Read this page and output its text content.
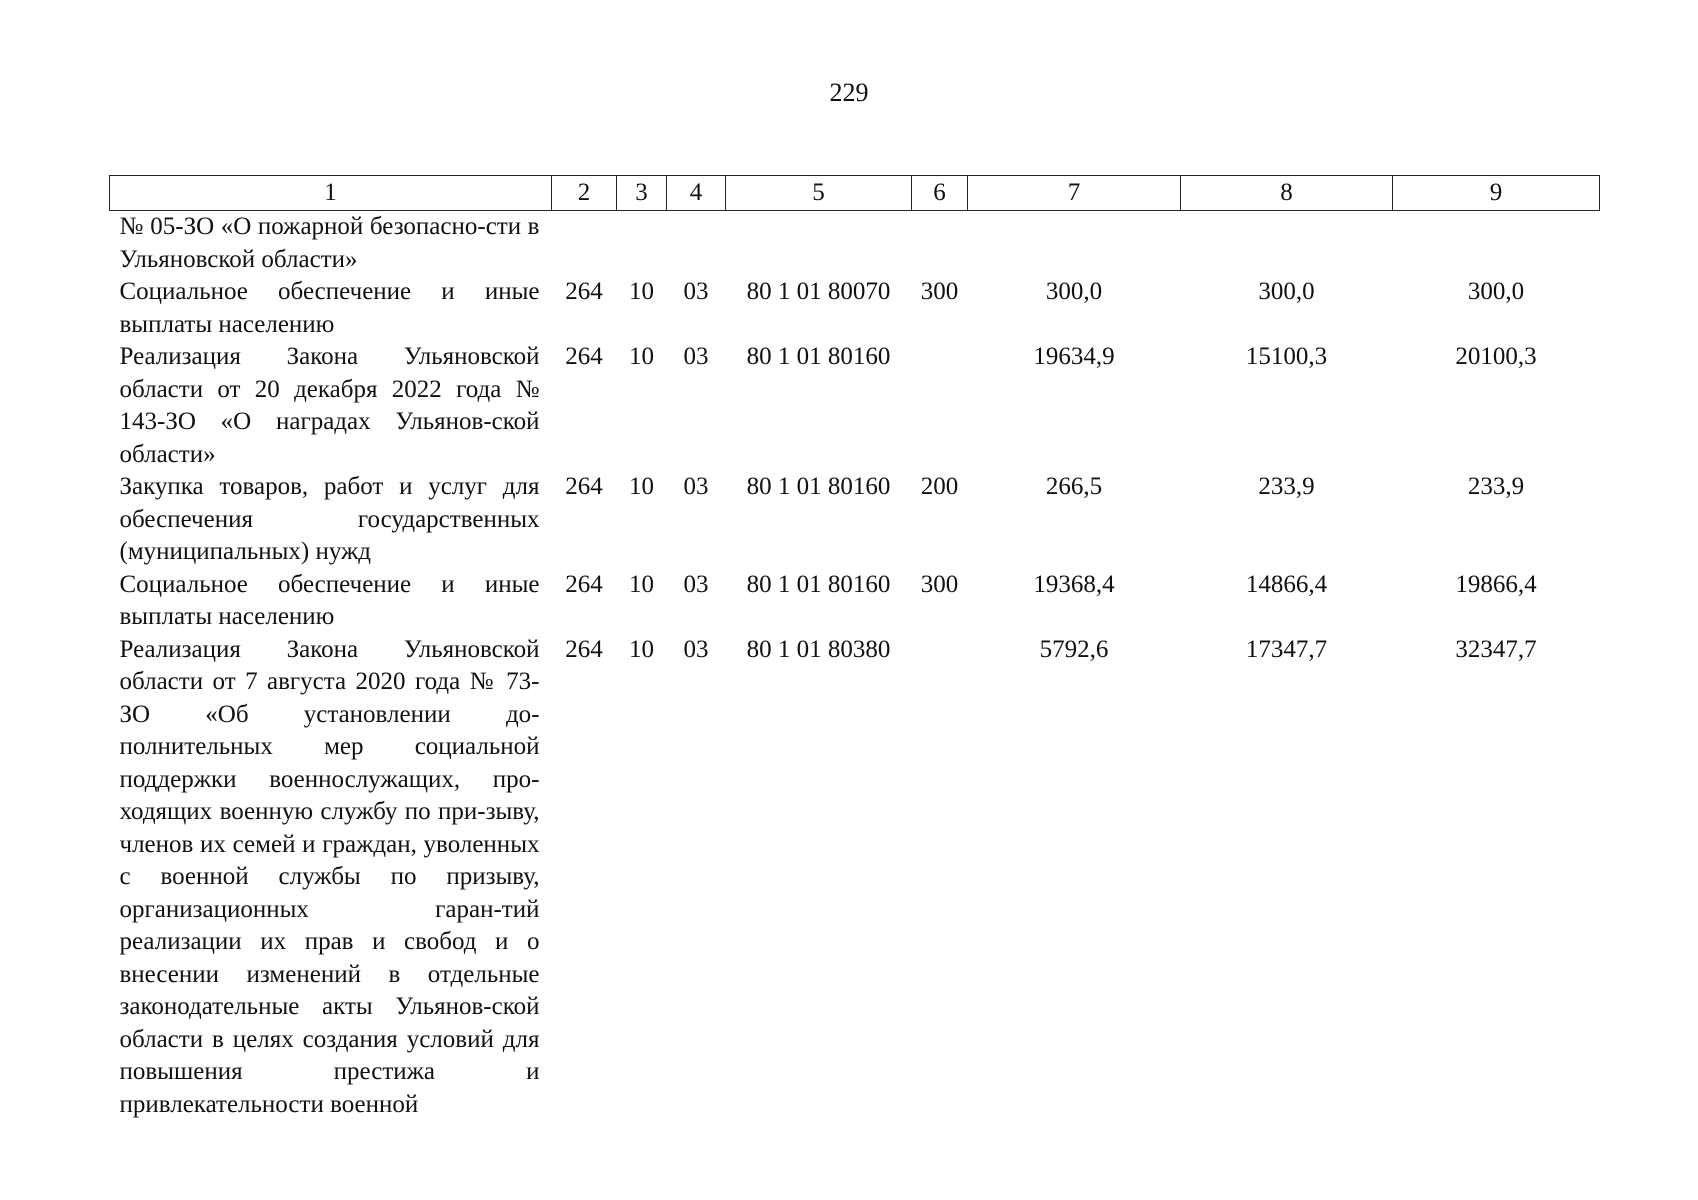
229
1	2	3	4	5	6	7	8	9
№ 05-ЗО «О пожарной безопасно-сти в Ульяновской области»								
Социальное обеспечение и иные выплаты населению	264	10	03	80 1 01 80070	300	300,0	300,0	300,0
Реализация Закона Ульяновской области от 20 декабря 2022 года № 143-ЗО «О наградах Ульянов-ской области»	264	10	03	80 1 01 80160		19634,9	15100,3	20100,3
Закупка товаров, работ и услуг для обеспечения государственных (муниципальных) нужд	264	10	03	80 1 01 80160	200	266,5	233,9	233,9
Социальное обеспечение и иные выплаты населению	264	10	03	80 1 01 80160	300	19368,4	14866,4	19866,4
Реализация Закона Ульяновской области от 7 августа 2020 года № 73-ЗО «Об установлении до-полнительных мер социальной поддержки военнослужащих, про-ходящих военную службу по при-зыву, членов их семей и граждан, уволенных с военной службы по призыву, организационных гаран-тий реализации их прав и свобод и о внесении изменений в отдельные законодательные акты Ульянов-ской области в целях создания условий для повышения престижа и привлекательности военной	264	10	03	80 1 01 80380		5792,6	17347,7	32347,7
